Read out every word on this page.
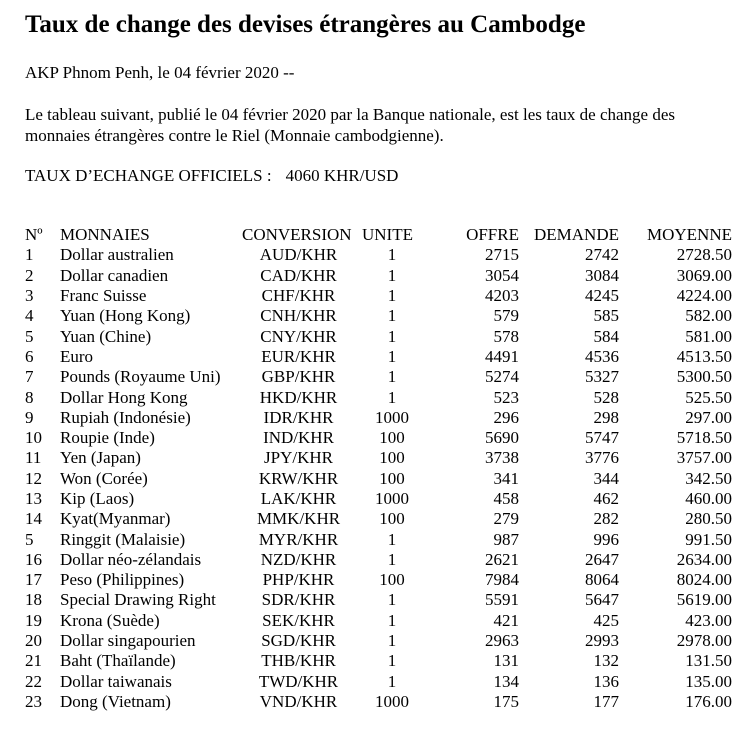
Taux de change des devises étrangères au Cambodge

AKP Phnom Penh, le 04 février 2020 --

Le tableau suivant, publié le 04 février 2020 par la Banque nationale, est les taux de change des monnaies étrangères contre le Riel (Monnaie cambodgienne).

TAUX D’ECHANGE OFFICIELS : 4060 KHR/USD

Nº	MONNAIES	CONVERSION	UNITE	OFFRE	DEMANDE	MOYENNE
1	Dollar australien	AUD/KHR	1	2715	2742	2728.50
2	Dollar canadien	CAD/KHR	1	3054	3084	3069.00
3	Franc Suisse	CHF/KHR	1	4203	4245	4224.00
4	Yuan (Hong Kong)	CNH/KHR	1	579	585	582.00
5	Yuan (Chine)	CNY/KHR	1	578	584	581.00
6	Euro	EUR/KHR	1	4491	4536	4513.50
7	Pounds (Royaume Uni)	GBP/KHR	1	5274	5327	5300.50
8	Dollar Hong Kong	HKD/KHR	1	523	528	525.50
9	Rupiah (Indonésie)	IDR/KHR	1000	296	298	297.00
10	Roupie (Inde)	IND/KHR	100	5690	5747	5718.50
11	Yen (Japan)	JPY/KHR	100	3738	3776	3757.00
12	Won (Corée)	KRW/KHR	100	341	344	342.50
13	Kip (Laos)	LAK/KHR	1000	458	462	460.00
14	Kyat(Myanmar)	MMK/KHR	100	279	282	280.50
5	Ringgit (Malaisie)	MYR/KHR	1	987	996	991.50
16	Dollar néo-zélandais	NZD/KHR	1	2621	2647	2634.00
17	Peso (Philippines)	PHP/KHR	100	7984	8064	8024.00
18	Special Drawing Right	SDR/KHR	1	5591	5647	5619.00
19	Krona (Suède)	SEK/KHR	1	421	425	423.00
20	Dollar singapourien	SGD/KHR	1	2963	2993	2978.00
21	Baht (Thaïlande)	THB/KHR	1	131	132	131.50
22	Dollar taiwanais	TWD/KHR	1	134	136	135.00
23	Dong (Vietnam)	VND/KHR	1000	175	177	176.00
